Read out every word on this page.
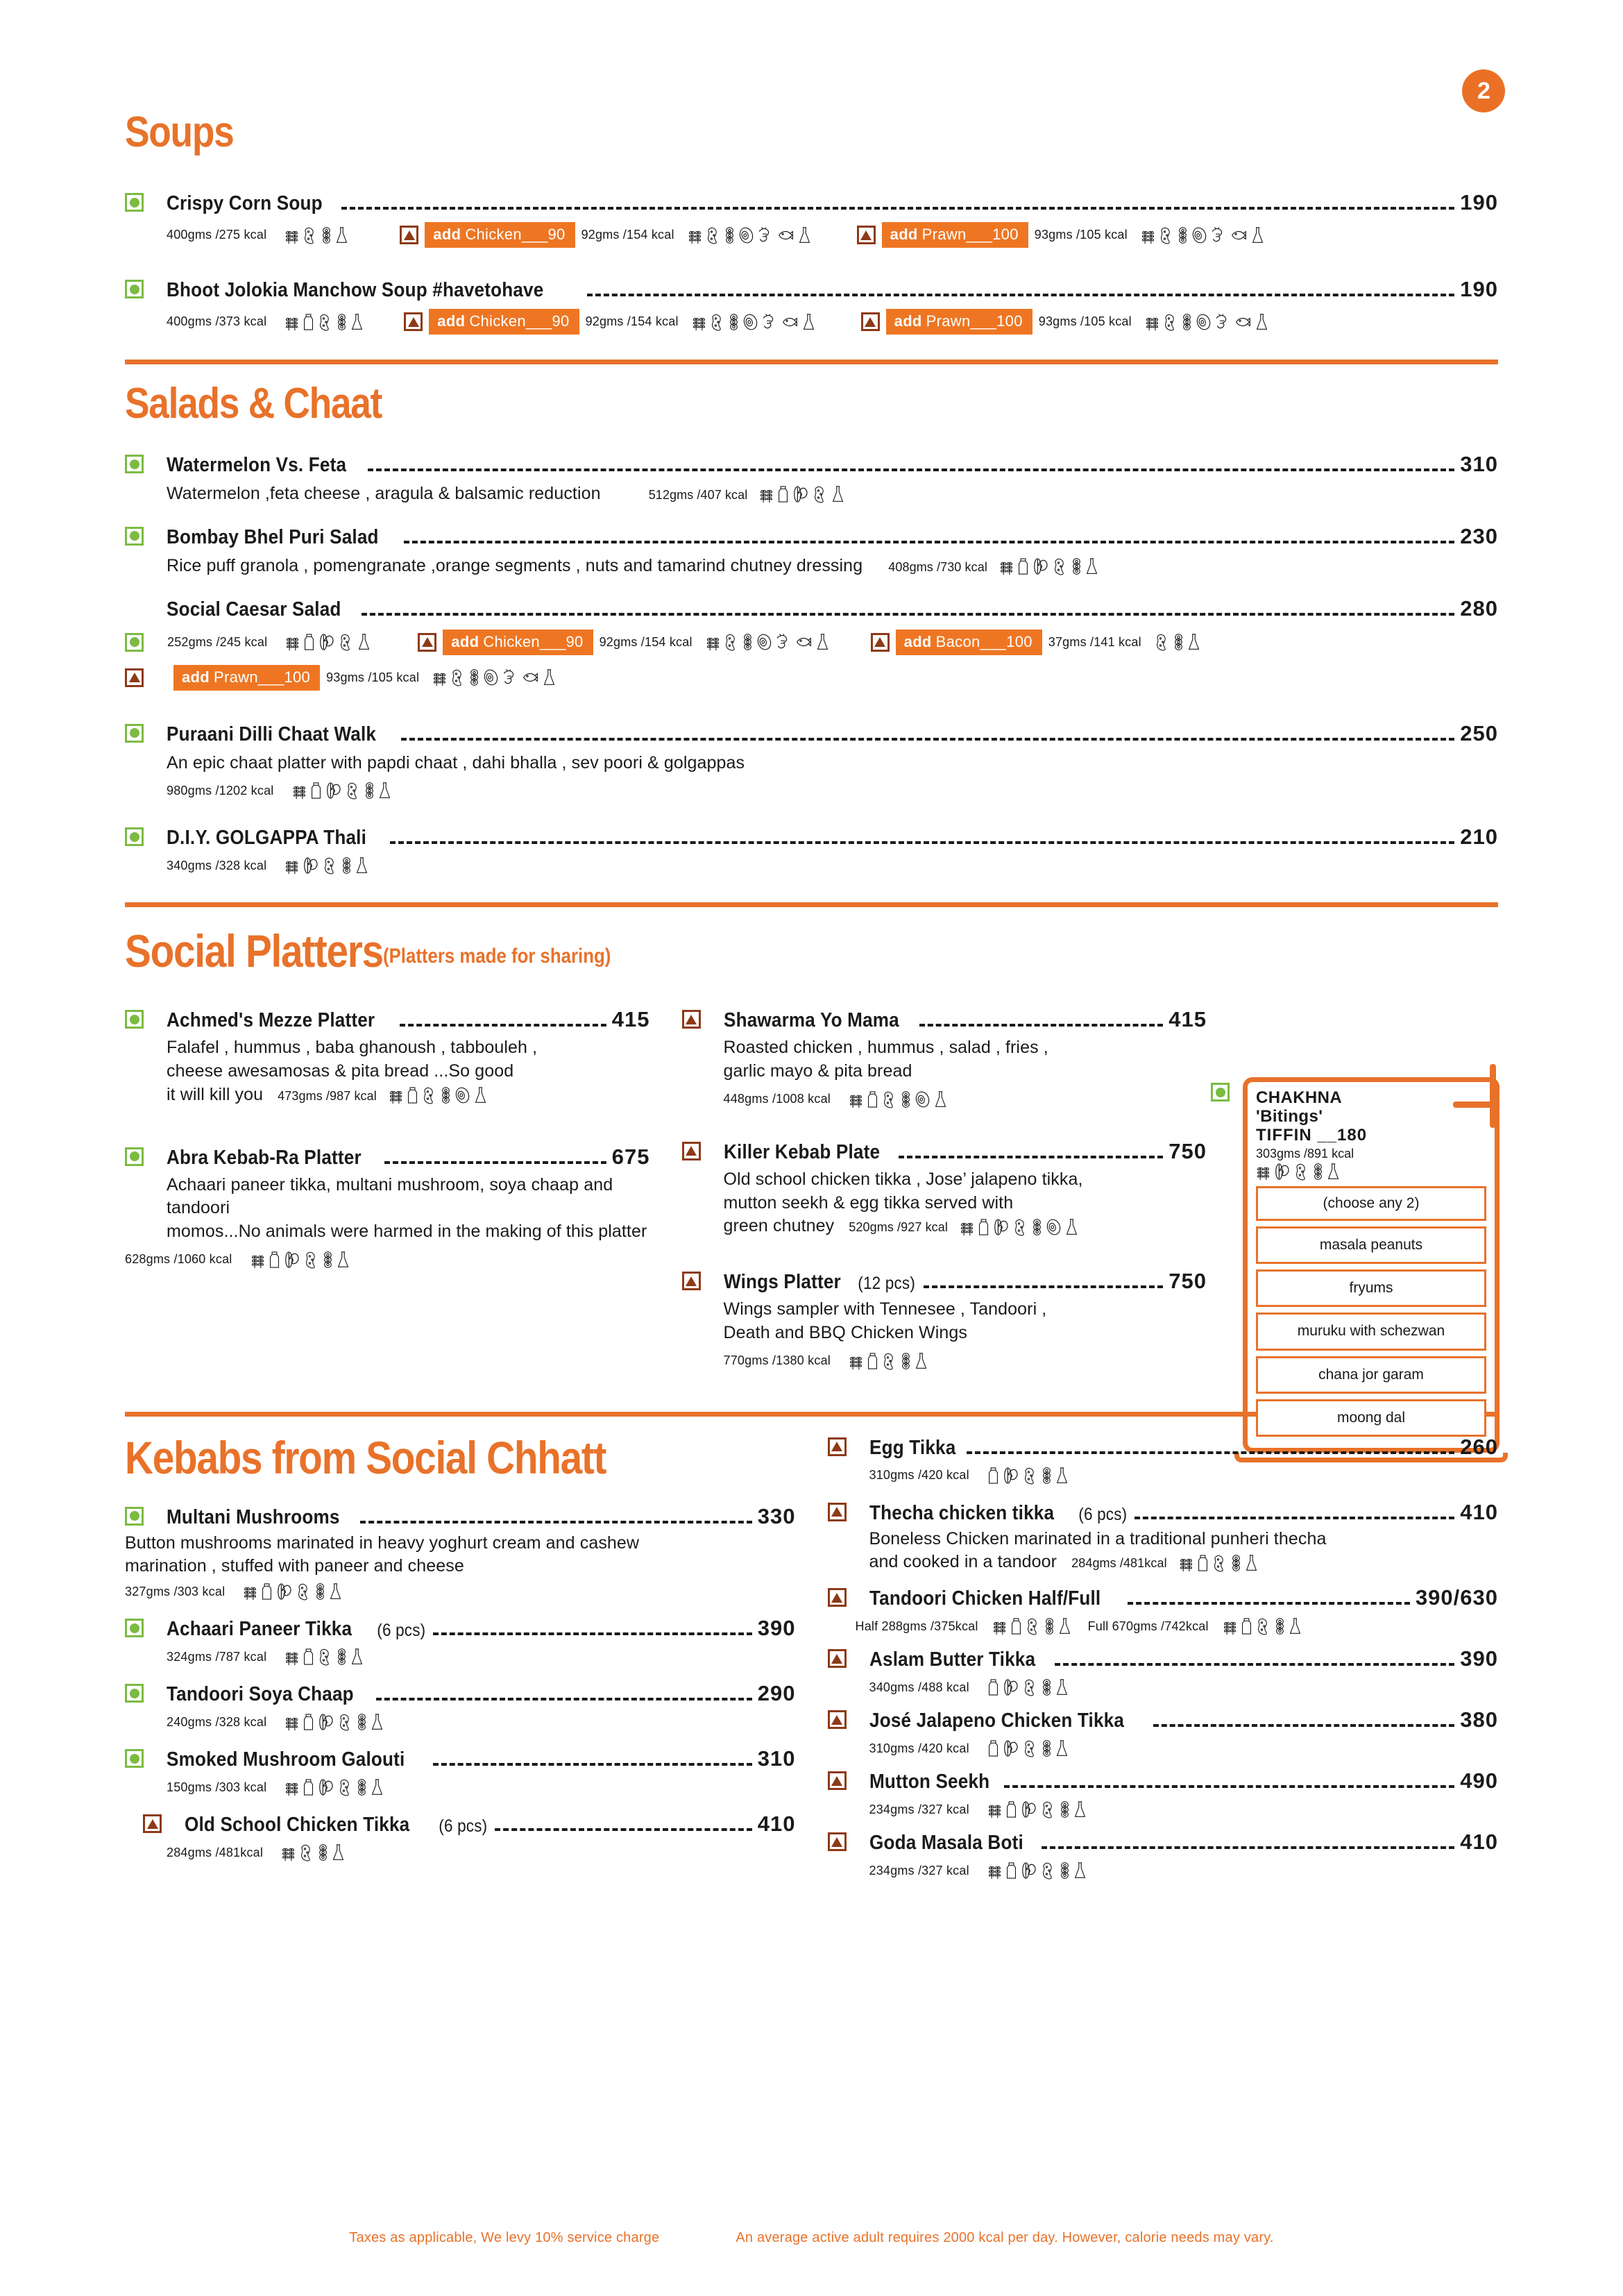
2
Soups
Crispy Corn Soup	190
400gms /275 kcal	add Chicken___90	92gms /154 kcal	add Prawn___100	93gms /105 kcal
Bhoot Jolokia Manchow Soup #havetohave	190
400gms /373 kcal	add Chicken___90	92gms /154 kcal	add Prawn___100	93gms /105 kcal
Salads & Chaat
Watermelon Vs. Feta	310
Watermelon ,feta cheese , aragula & balsamic reduction	512gms /407 kcal
Bombay Bhel Puri Salad	230
Rice puff granola , pomengranate ,orange segments , nuts and tamarind chutney dressing 408gms /730 kcal
Social Caesar Salad	280
252gms /245 kcal	add Chicken___90	92gms /154 kcal	add Bacon___100	37gms /141 kcal
add Prawn___100	93gms /105 kcal
Puraani Dilli Chaat Walk	250
An epic chaat platter with papdi chaat , dahi bhalla , sev poori & golgappas
980gms /1202 kcal
D.I.Y. GOLGAPPA Thali	210
340gms /328 kcal
Social Platters (Platters made for sharing)
Achmed's Mezze Platter	415
Falafel , hummus , baba ghanoush , tabbouleh ,
cheese awesamosas & pita bread ...So good
it will kill you 473gms /987 kcal
Abra Kebab-Ra Platter	675
Achaari paneer tikka, multani mushroom, soya chaap and tandoori
momos...No animals were harmed in the making of this platter
628gms /1060 kcal
Shawarma Yo Mama	415
Roasted chicken , hummus , salad , fries ,
garlic mayo & pita bread
448gms /1008 kcal
Killer Kebab Plate	750
Old school chicken tikka , Jose’ jalapeno tikka,
mutton seekh & egg tikka served with
green chutney 520gms /927 kcal
Wings Platter (12 pcs)	750
Wings sampler with Tennesee , Tandoori ,
Death and BBQ Chicken Wings
770gms /1380 kcal
CHAKHNA
'Bitings'
TIFFIN __180
303gms /891 kcal
(choose any 2)
masala peanuts
fryums
muruku with schezwan
chana jor garam
moong dal
Kebabs from Social Chhatt
Multani Mushrooms	330
Button mushrooms marinated in heavy yoghurt cream and cashew
marination , stuffed with paneer and cheese
327gms /303 kcal
Achaari Paneer Tikka (6 pcs)	390
324gms /787 kcal
Tandoori Soya Chaap	290
240gms /328 kcal
Smoked Mushroom Galouti	310
150gms /303 kcal
Old School Chicken Tikka (6 pcs)	410
284gms /481kcal
Egg Tikka	260
310gms /420 kcal
Thecha chicken tikka (6 pcs)	410
Boneless Chicken marinated in a traditional punheri thecha
and cooked in a tandoor 284gms /481kcal
Tandoori Chicken Half/Full	390/630
Half 288gms /375kcal	Full 670gms /742kcal
Aslam Butter Tikka	390
340gms /488 kcal
José Jalapeno Chicken Tikka	380
310gms /420 kcal
Mutton Seekh	490
234gms /327 kcal
Goda Masala Boti	410
234gms /327 kcal
Taxes as applicable, We levy 10% service charge	An average active adult requires 2000 kcal per day. However, calorie needs may vary.
